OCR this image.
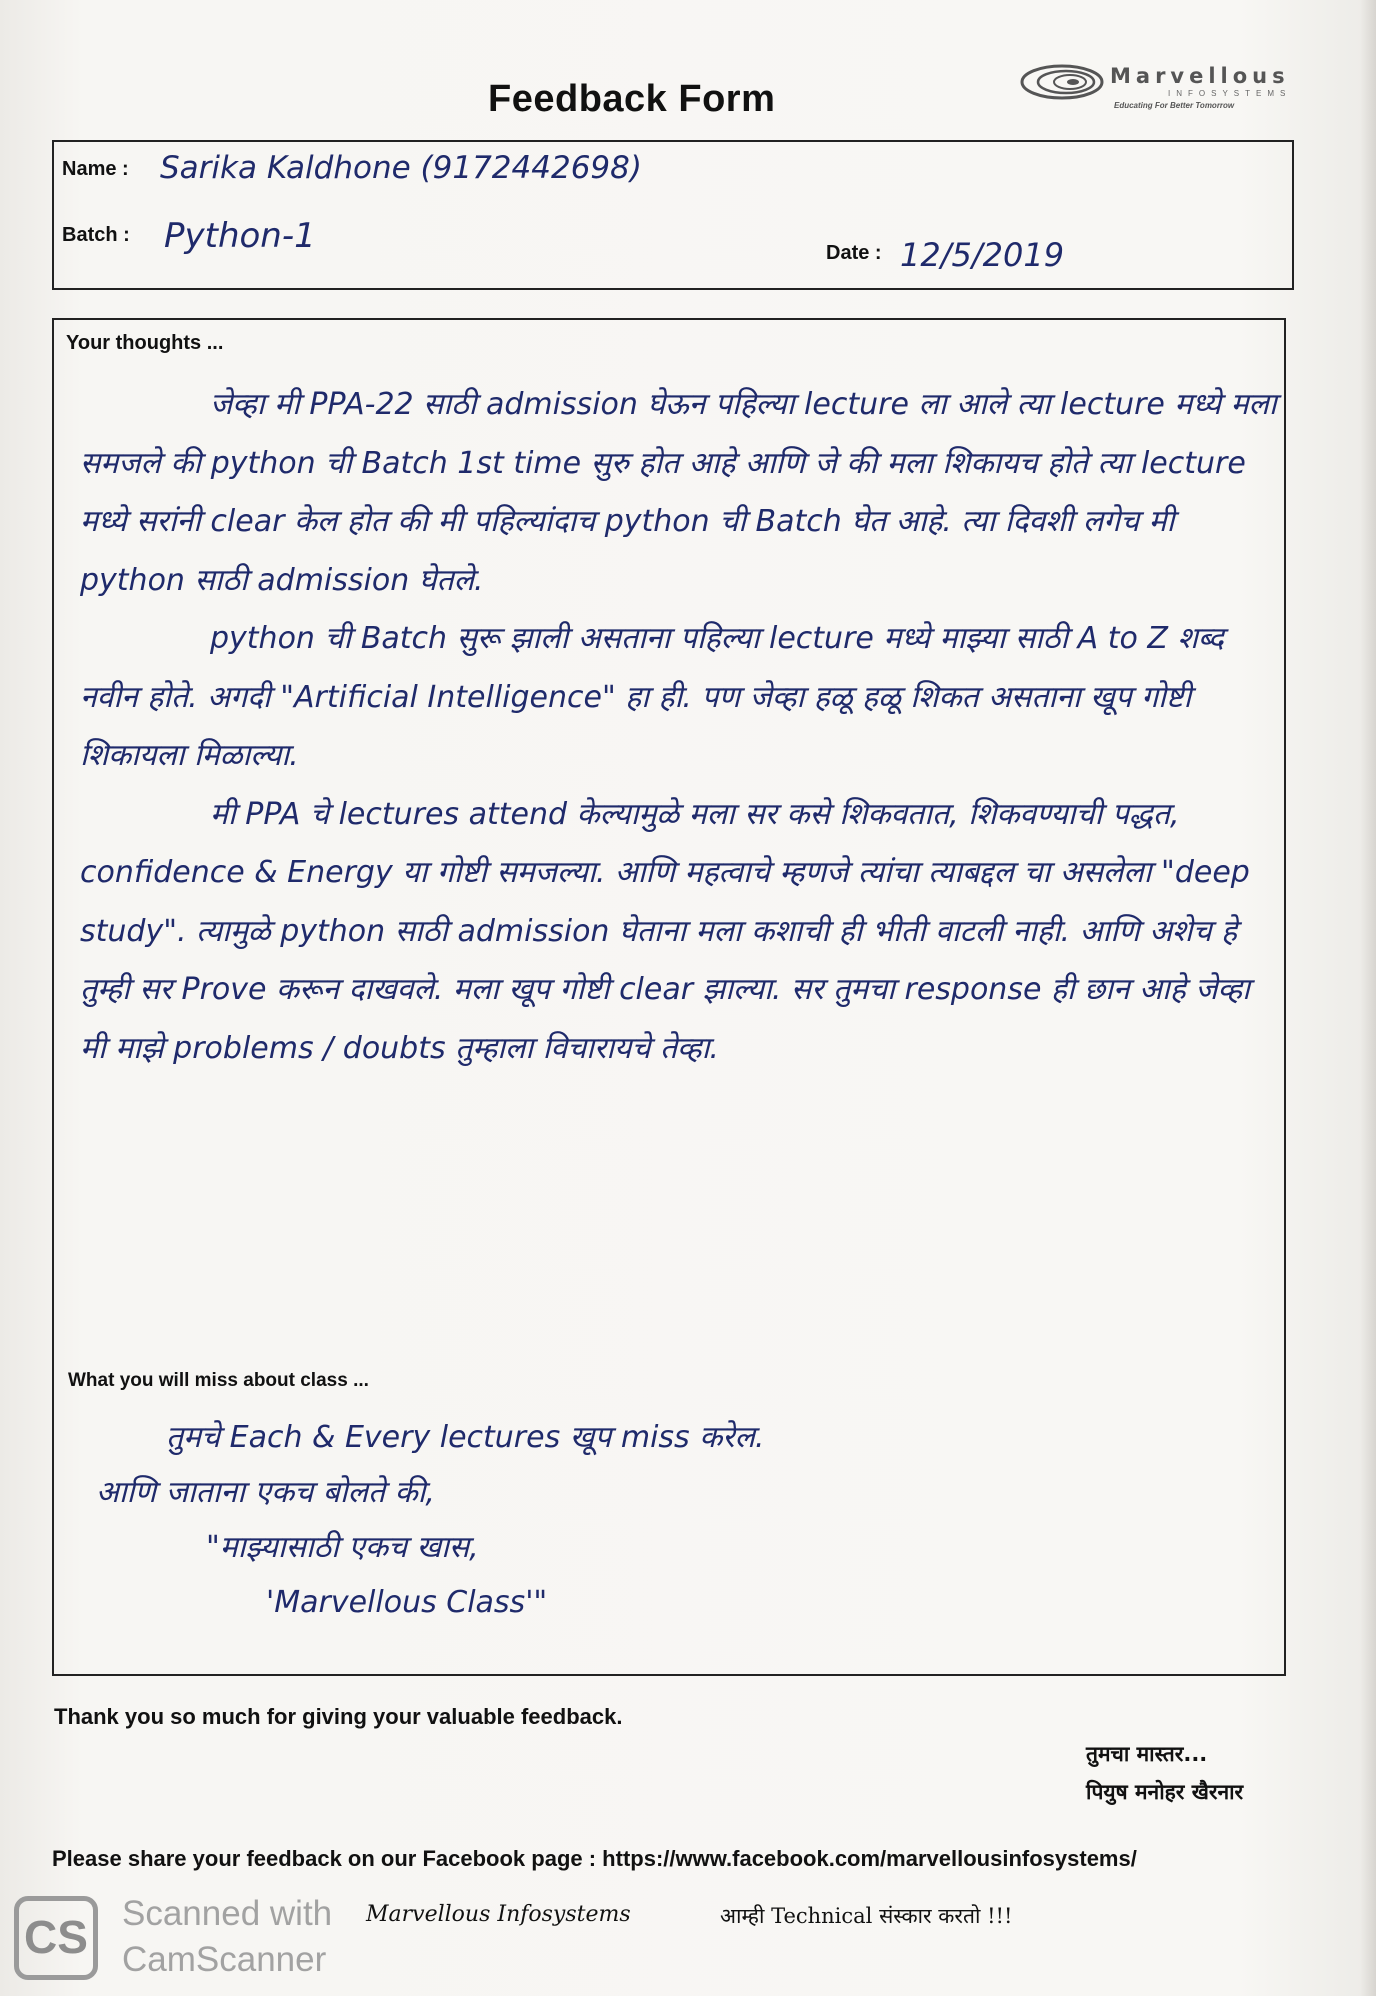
Feedback Form
Marvellous
INFOSYSTEMS
Educating For Better Tomorrow
Name : Sarika Kaldhone (9172442698)
Batch : Python-1	Date : 12/5/2019
Your thoughts ...

जेव्हा मी PPA-22 साठी admission घेऊन पहिल्या lecture ला आले त्या lecture मध्ये मला समजले की python ची Batch 1st time सुरु होत आहे आणि जे की मला शिकायच होते त्या lecture मध्ये सरांनी clear केल होत की मी पहिल्यांदाच python ची Batch घेत आहे. त्या दिवशी लगेच मी python साठी admission घेतले.

python ची Batch सुरू झाली असताना पहिल्या lecture मध्ये माझ्या साठी A to Z शब्द नवीन होते. अगदी "Artificial Intelligence" हा ही. पण जेव्हा हळू हळू शिकत असताना खूप गोष्टी शिकायला मिळाल्या.

मी PPA चे lectures attend केल्यामुळे मला सर कसे शिकवतात, शिकवण्याची पद्धत, confidence & Energy या गोष्टी समजल्या. आणि महत्वाचे म्हणजे त्यांचा त्याबद्दल चा असलेला "deep study". त्यामुळे python साठी admission घेताना मला कशाची ही भीती वाटली नाही. आणि अशेच हे तुम्ही सर Prove करून दाखवले. मला खूप गोष्टी clear झाल्या. सर तुमचा response ही छान आहे जेव्हा मी माझे problems / doubts तुम्हाला विचारायचे तेव्हा.

What you will miss about class ...

तुमचे Each & Every lectures खूप miss करेल.

आणि जाताना एकच बोलते की,

"माझ्यासाठी एकच खास,

'Marvellous Class'"

Thank you so much for giving your valuable feedback.
तुमचा मास्तर...
पियुष मनोहर खैरनार
Please share your feedback on our Facebook page : https://www.facebook.com/marvellousinfosystems/
CS Scanned with
CamScanner
Marvellous Infosystems	आम्ही Technical संस्कार करतो !!!
